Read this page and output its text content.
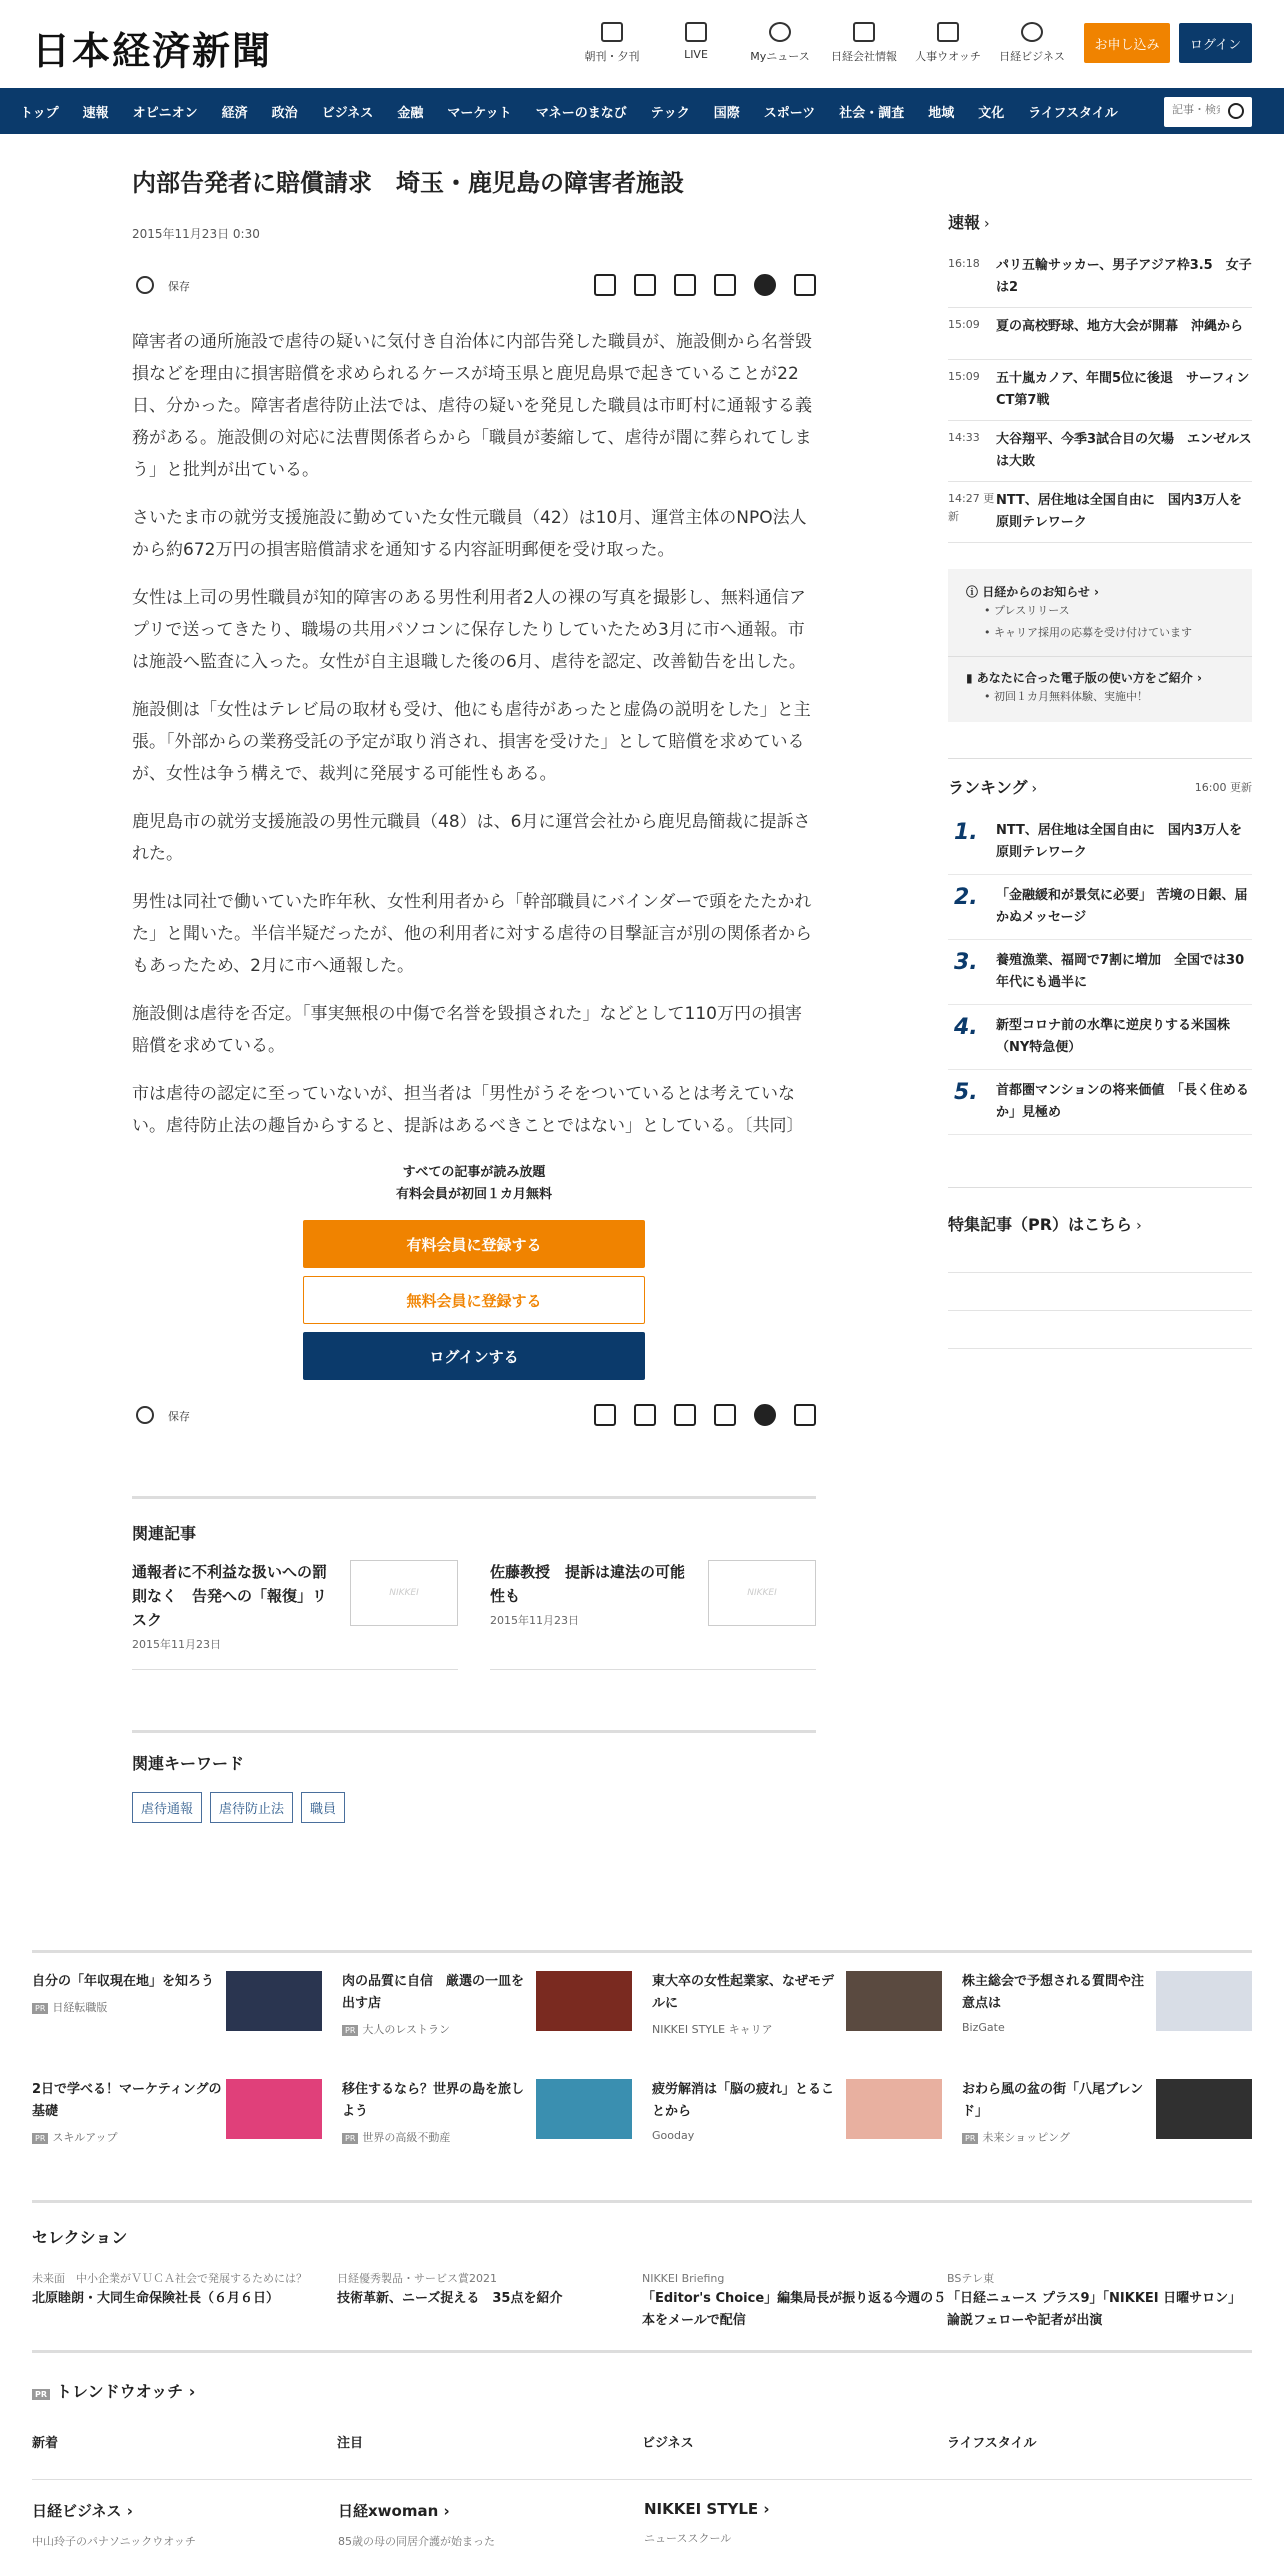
日本経済新聞	朝刊・夕刊	LIVE	Myニュース	日経会社情報	人事ウオッチ	日経ビジネス
お申し込み	ログイン
トップ 速報 オピニオン 経済 政治 ビジネス 金融 マーケット マネーのまなび テック 国際 スポーツ 社会・調査 地域 文化 ライフスタイル
記事・検索
内部告発者に賠償請求　埼玉・鹿児島の障害者施設
2015年11月23日 0:30
保存

障害者の通所施設で虐待の疑いに気付き自治体に内部告発した職員が、施設側から名誉毀損などを理由に損害賠償を求められるケースが埼玉県と鹿児島県で起きていることが22日、分かった。障害者虐待防止法では、虐待の疑いを発見した職員は市町村に通報する義務がある。施設側の対応に法曹関係者らから「職員が萎縮して、虐待が闇に葬られてしまう」と批判が出ている。

さいたま市の就労支援施設に勤めていた女性元職員（42）は10月、運営主体のNPO法人から約672万円の損害賠償請求を通知する内容証明郵便を受け取った。

女性は上司の男性職員が知的障害のある男性利用者2人の裸の写真を撮影し、無料通信アプリで送ってきたり、職場の共用パソコンに保存したりしていたため3月に市へ通報。市は施設へ監査に入った。女性が自主退職した後の6月、虐待を認定、改善勧告を出した。

施設側は「女性はテレビ局の取材も受け、他にも虐待があったと虚偽の説明をした」と主張。「外部からの業務受託の予定が取り消され、損害を受けた」として賠償を求めているが、女性は争う構えで、裁判に発展する可能性もある。

鹿児島市の就労支援施設の男性元職員（48）は、6月に運営会社から鹿児島簡裁に提訴された。

男性は同社で働いていた昨年秋、女性利用者から「幹部職員にバインダーで頭をたたかれた」と聞いた。半信半疑だったが、他の利用者に対する虐待の目撃証言が別の関係者からもあったため、2月に市へ通報した。

施設側は虐待を否定。「事実無根の中傷で名誉を毀損された」などとして110万円の損害賠償を求めている。

市は虐待の認定に至っていないが、担当者は「男性がうそをついているとは考えていない。虐待防止法の趣旨からすると、提訴はあるべきことではない」としている。〔共同〕

すべての記事が読み放題
有料会員が初回１カ月無料
有料会員に登録する
無料会員に登録する
ログインする
保存
関連記事
通報者に不利益な扱いへの罰則なく　告発への「報復」リスク
2015年11月23日
NIKKEI
佐藤教授　提訴は違法の可能性も
2015年11月23日
NIKKEI
関連キーワード
虐待通報	虐待防止法	職員
速報 ›
16:18	パリ五輪サッカー、男子アジア枠3.5　女子は2
15:09	夏の高校野球、地方大会が開幕　沖縄から
15:09	五十嵐カノア、年間5位に後退　サーフィンCT第7戦
14:33	大谷翔平、今季3試合目の欠場　エンゼルスは大敗
14:27 更新
NTT、居住地は全国自由に　国内3万人を原則テレワーク
ⓘ 日経からのお知らせ ›
• プレスリリース
• キャリア採用の応募を受け付けています
▮ あなたに合った電子版の使い方をご紹介 ›
• 初回１カ月無料体験、実施中！
ランキング ›	16:00 更新
1.	NTT、居住地は全国自由に　国内3万人を原則テレワーク
2.	「金融緩和が景気に必要」 苦境の日銀、届かぬメッセージ
3.	養殖漁業、福岡で7割に増加　全国では30年代にも過半に
4.	新型コロナ前の水準に逆戻りする米国株（NY特急便）
5.	首都圏マンションの将来価値　「長く住めるか」見極め
特集記事（PR）はこちら ›
自分の「年収現在地」を知ろう
PR 日経転職版
肉の品質に自信　厳選の一皿を出す店
PR 大人のレストラン
東大卒の女性起業家、なぜモデルに
NIKKEI STYLE キャリア
株主総会で予想される質問や注意点は
BizGate
2日で学べる！マーケティングの基礎
PR スキルアップ
移住するなら？世界の島を旅しよう
PR 世界の高級不動産
疲労解消は「脳の疲れ」とることから
Gooday
おわら風の盆の街「八尾ブレンド」
PR 未来ショッピング
セレクション
未来面　中小企業がＶＵＣＡ社会で発展するためには？
北原睦朗・大同生命保険社長（６月６日）
日経優秀製品・サービス賞2021
技術革新、ニーズ捉える　35点を紹介
NIKKEI Briefing
「Editor's Choice」編集局長が振り返る今週の５本をメールで配信
BSテレ東
「日経ニュース プラス9」「NIKKEI 日曜サロン」論説フェローや記者が出演
PR トレンドウオッチ ›
新着	注目	ビジネス	ライフスタイル
日経ビジネス ›
中山玲子のパナソニックウオッチ
日経xwoman ›
85歳の母の同居介護が始まった
NIKKEI STYLE ›
ニューススクール
